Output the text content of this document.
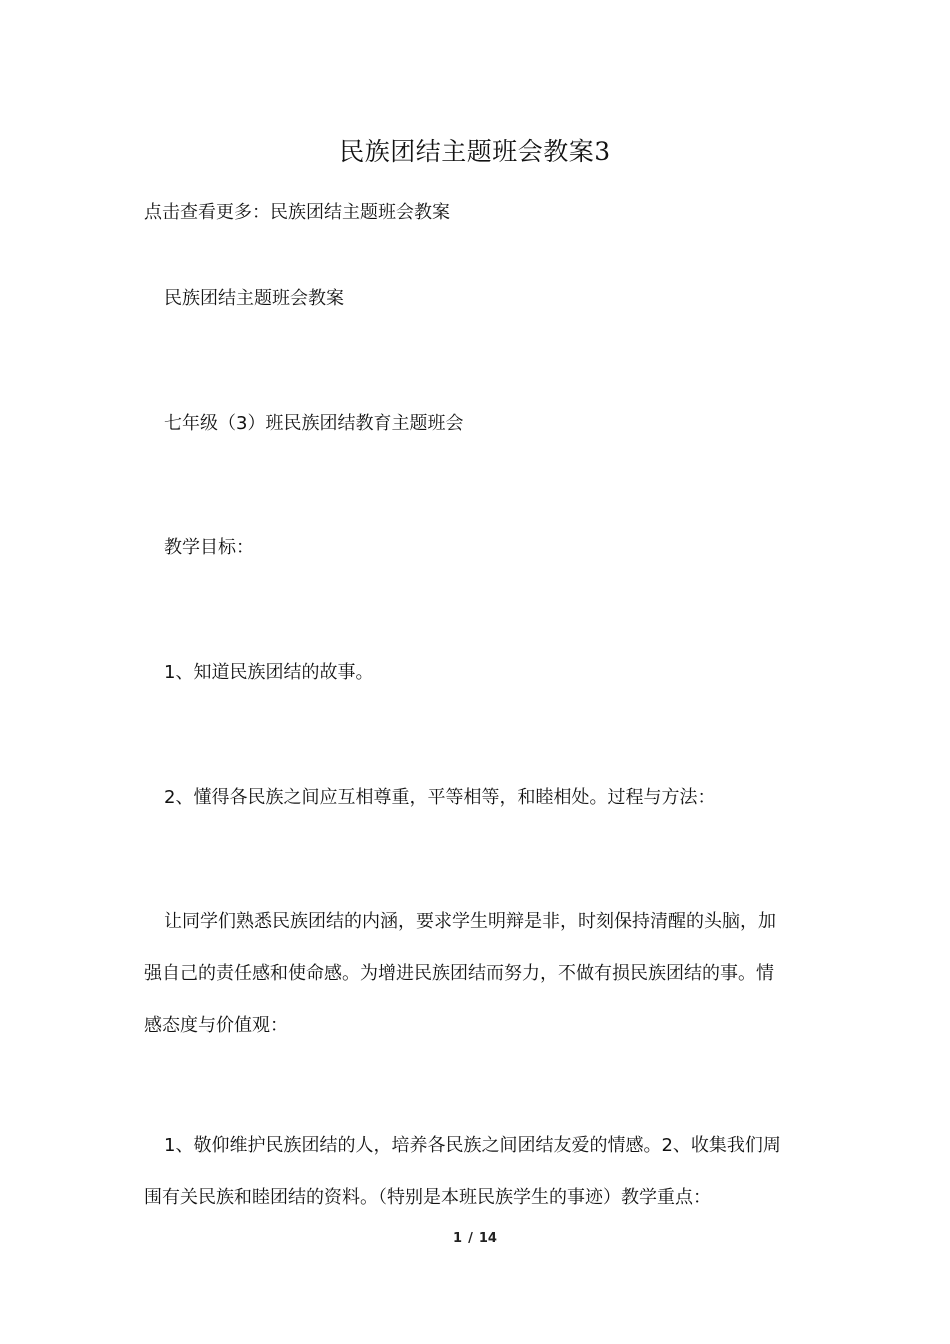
民族团结主题班会教案3
点击查看更多：民族团结主题班会教案
民族团结主题班会教案
七年级（3）班民族团结教育主题班会
教学目标：
1、知道民族团结的故事。
2、懂得各民族之间应互相尊重，平等相等，和睦相处。过程与方法：
让同学们熟悉民族团结的内涵，要求学生明辩是非，时刻保持清醒的头脑，加
强自己的责任感和使命感。为增进民族团结而努力，不做有损民族团结的事。情
感态度与价值观：
1、敬仰维护民族团结的人，培养各民族之间团结友爱的情感。2、收集我们周
围有关民族和睦团结的资料。（特别是本班民族学生的事迹）教学重点：
1 / 14
